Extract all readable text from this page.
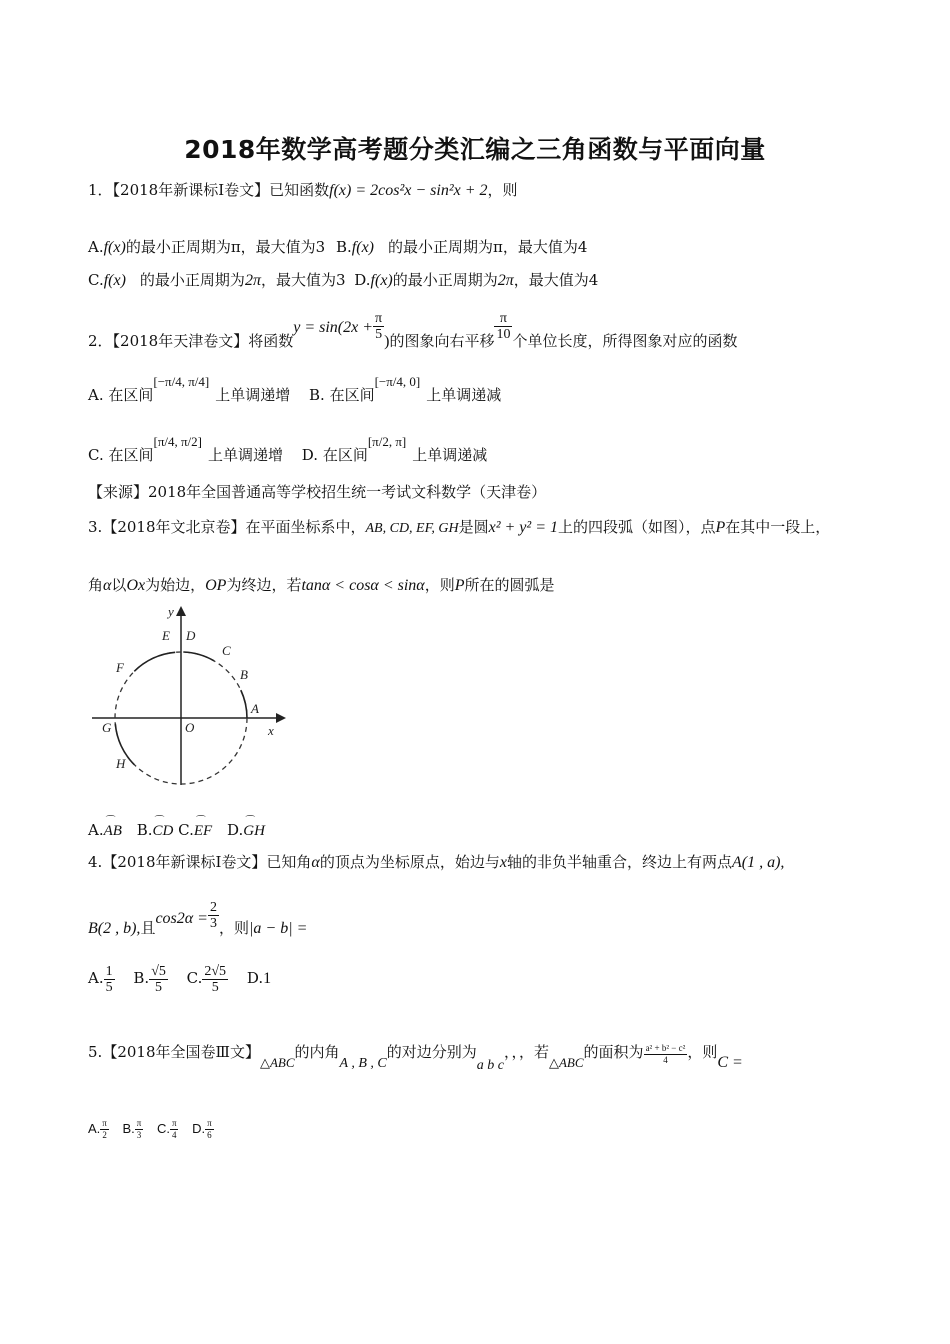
2018年数学高考题分类汇编之三角函数与平面向量
1．【2018年新课标Ⅰ卷文】已知函数f(x) = 2cos²x − sin²x + 2，则
A.f(x)的最小正周期为π，最大值为3 B.f(x) 的最小正周期为π，最大值为4
C.f(x) 的最小正周期为2π，最大值为3 D.f(x)的最小正周期为2π，最大值为4
2．【2018年天津卷文】将函数$y = \sin(2x + \frac{\pi}{5}$ )的图象向右平移 $\frac{\pi}{10}$ 个单位长度，所得图象对应的函数
A. 在区间[−π/4, π/4]上单调递增 B. 在区间[−π/4, 0]上单调递减
C. 在区间[π/4, π/2]上单调递增 D. 在区间[π/2, π]上单调递减
【来源】2018年全国普通高等学校招生统一考试文科数学（天津卷）
3.【2018年文北京卷】在平面坐标系中，AB, CD, EF, GH是圆x² + y² = 1上的四段弧（如图），点P在其中一段上，
角α以Ox为始边，OP为终边，若tanα < cosα < sinα，则P所在的圆弧是
y
x
O
A
B
C
D
E
F
G
H
A.⌒ AB B.⌒ CD C.⌒ EF D.⌒ GH
4.【2018年新课标Ⅰ卷文】已知角α的顶点为坐标原点，始边与x轴的非负半轴重合，终边上有两点A(1 , a),
B(2 , b),且$\cos 2\alpha = \frac{2}{3}$ ，则|a − b| =
A. $\frac{1}{5} B$. $\frac{√5}{5} C$. $\frac{2√5}{5} D.1$
5.【2018年全国卷Ⅲ文】△ABC的内角A , B , C的对边分别为a b c，，，若△ABC的面积为 $\frac{\text{a² + b² − c²}}{4}$ ，则C =
A. $\frac{\pi}{2} B$. $\frac{\pi}{3} C$. $\frac{\pi}{4} D$. $\frac{\pi}{6}$
